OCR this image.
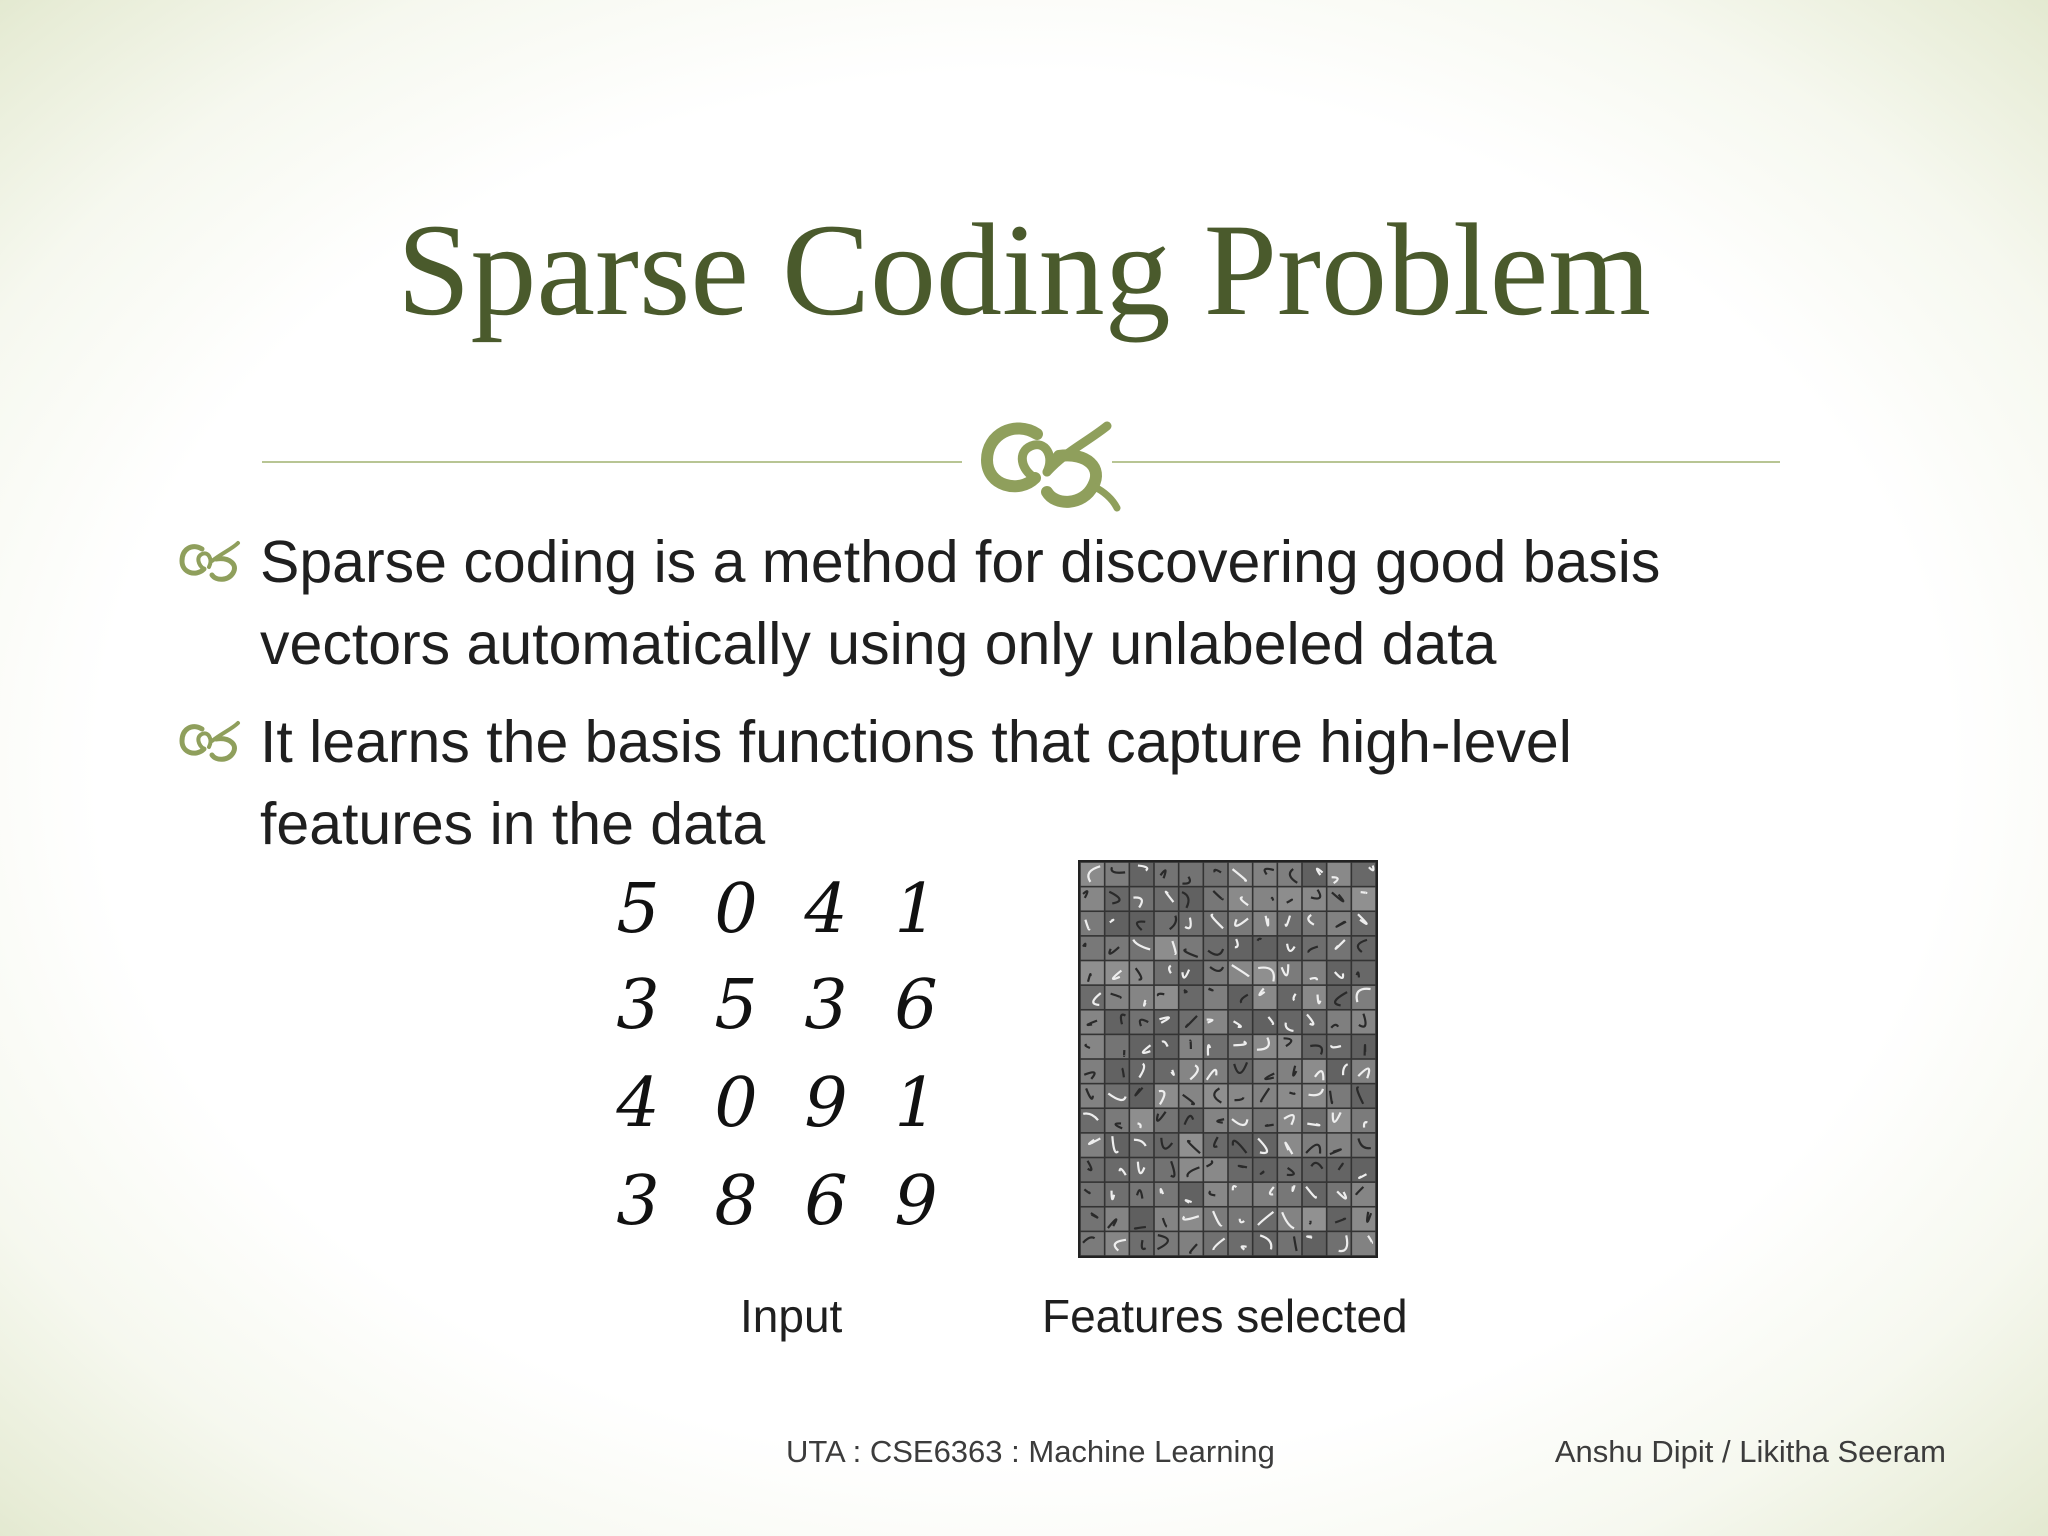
Sparse Coding Problem
Sparse coding is a method for discovering good basis
vectors automatically using only unlabeled data
It learns the basis functions that capture high-level
features in the data
5 0 4 1
3 5 3 6
4 0 9 1
3 8 6 9
Input	Features selected
UTA : CSE6363 : Machine Learning	Anshu Dipit / Likitha Seeram
